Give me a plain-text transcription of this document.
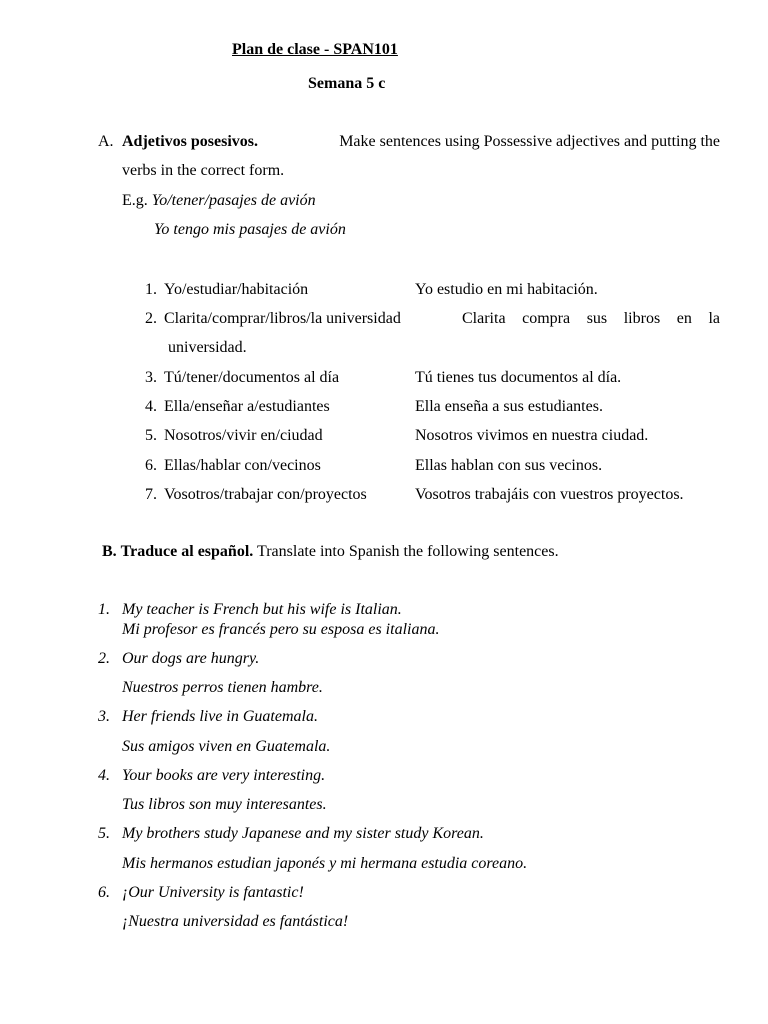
Plan de clase - SPAN101
Semana 5 c
A. Adjetivos posesivos.	Make sentences using Possessive adjectives and putting the
verbs in the correct form.
E.g. Yo/tener/pasajes de avión
Yo tengo mis pasajes de avión
1. Yo/estudiar/habitación	Yo estudio en mi habitación.
2. Clarita/comprar/libros/la universidad	Clarita compra sus libros en la
universidad.
3. Tú/tener/documentos al día	Tú tienes tus documentos al día.
4. Ella/enseñar a/estudiantes	Ella enseña a sus estudiantes.
5. Nosotros/vivir en/ciudad	Nosotros vivimos en nuestra ciudad.
6. Ellas/hablar con/vecinos	Ellas hablan con sus vecinos.
7. Vosotros/trabajar con/proyectos	Vosotros trabajáis con vuestros proyectos.
B. Traduce al español. Translate into Spanish the following sentences.
1. My teacher is French but his wife is Italian.
Mi profesor es francés pero su esposa es italiana.
2. Our dogs are hungry.
Nuestros perros tienen hambre.
3. Her friends live in Guatemala.
Sus amigos viven en Guatemala.
4. Your books are very interesting.
Tus libros son muy interesantes.
5. My brothers study Japanese and my sister study Korean.
Mis hermanos estudian japonés y mi hermana estudia coreano.
6. ¡Our University is fantastic!
¡Nuestra universidad es fantástica!
